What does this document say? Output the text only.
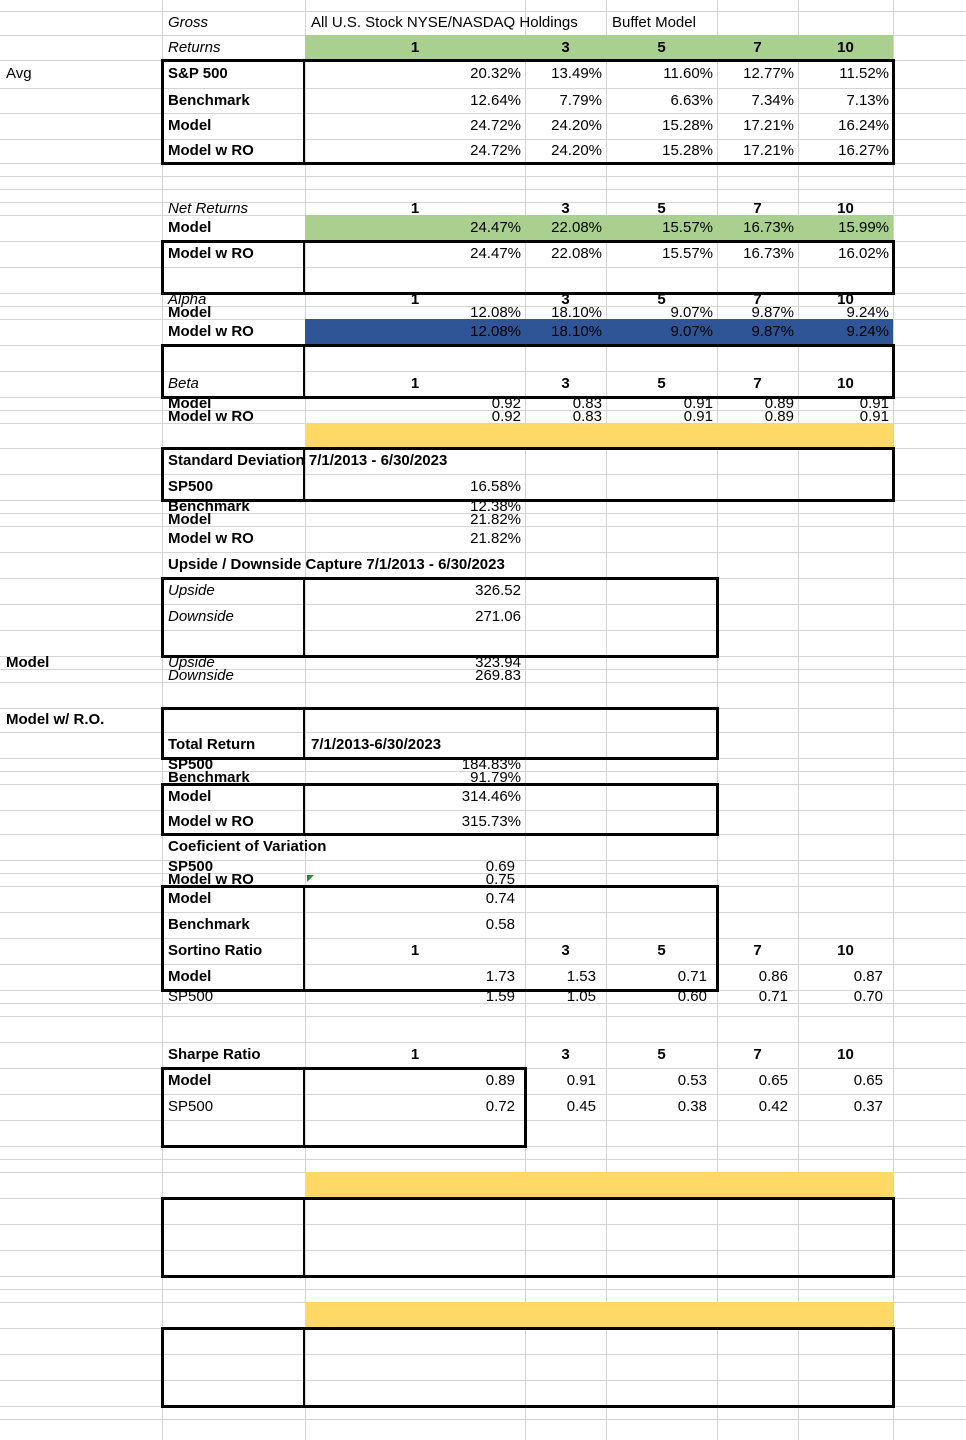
Gross	All U.S. Stock NYSE/NASDAQ Holdings Buffet Model
Returns	1	3	5	7	10
Avg
Model
Model w/ R.O.
S&P 500	20.32%	13.49%	11.60%	12.77%	11.52%
Benchmark	12.64%	7.79%	6.63%	7.34%	7.13%
Model	24.72%	24.20%	15.28%	17.21%	16.24%
Model w RO	24.72%	24.20%	15.28%	17.21%	16.27%
Net Returns	1	3	5	7	10
Model	24.47%	22.08%	15.57%	16.73%	15.99%
Model w RO	24.47%	22.08%	15.57%	16.73%	16.02%
Alpha	1	3	5	7	10
Model	12.08%	18.10%	9.07%	9.87%	9.24%
Model w RO	12.08%	18.10%	9.07%	9.87%	9.24%
Beta	1	3	5	7	10
Model	0.92	0.83	0.91	0.89	0.91
Model w RO	0.92	0.83	0.91	0.89	0.91
Standard Deviation 7/1/2013 - 6/30/2023
SP500	16.58%
Benchmark	12.38%
Model	21.82%
Model w RO	21.82%
Upside / Downside Capture 7/1/2013 - 6/30/2023
Upside	326.52
Downside	271.06
Upside	323.94
Downside	269.83
Total Return	7/1/2013-6/30/2023
SP500	184.83%
Benchmark	91.79%
Model	314.46%
Model w RO	315.73%
Coeficient of Variation
SP500	0.69
Model w RO	0.75
Model	0.74
Benchmark	0.58
Sortino Ratio	1	3	5	7	10
Model	1.73	1.53	0.71	0.86	0.87
SP500	1.59	1.05	0.60	0.71	0.70
Sharpe Ratio	1	3	5	7	10
Model	0.89	0.91	0.53	0.65	0.65
SP500	0.72	0.45	0.38	0.42	0.37
